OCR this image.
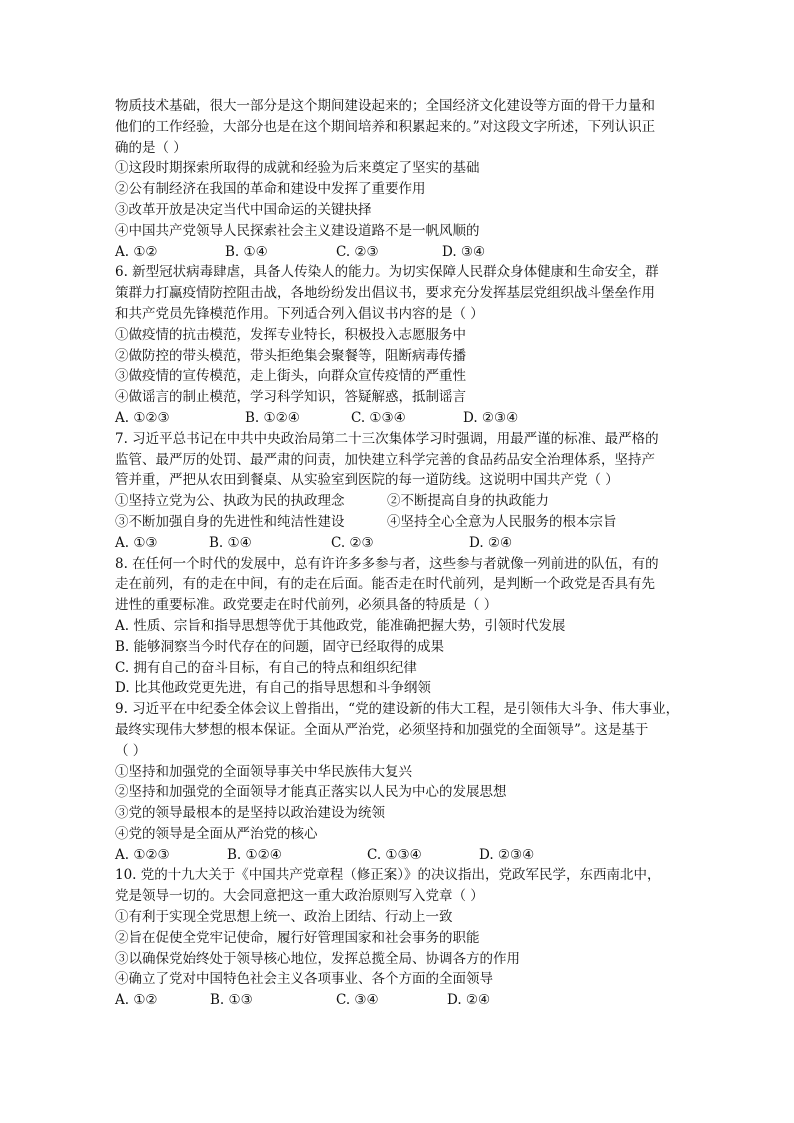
物质技术基础，很大一部分是这个期间建设起来的；全国经济文化建设等方面的骨干力量和
他们的工作经验，大部分也是在这个期间培养和积累起来的。”对这段文字所述，下列认识正
确的是（ ）
①这段时期探索所取得的成就和经验为后来奠定了坚实的基础
②公有制经济在我国的革命和建设中发挥了重要作用
③改革开放是决定当代中国命运的关键抉择
④中国共产党领导人民探索社会主义建设道路不是一帆风顺的
A. ①②	B. ①④	C. ②③	D. ③④
6. 新型冠状病毒肆虐，具备人传染人的能力。为切实保障人民群众身体健康和生命安全，群
策群力打赢疫情防控阻击战，各地纷纷发出倡议书，要求充分发挥基层党组织战斗堡垒作用
和共产党员先锋模范作用。下列适合列入倡议书内容的是（ ）
①做疫情的抗击模范，发挥专业特长，积极投入志愿服务中
②做防控的带头模范，带头拒绝集会聚餐等，阻断病毒传播
③做疫情的宣传模范，走上街头，向群众宣传疫情的严重性
④做谣言的制止模范，学习科学知识，答疑解惑，抵制谣言
A. ①②③	B. ①②④	C. ①③④	D. ②③④
7. 习近平总书记在中共中央政治局第二十三次集体学习时强调，用最严谨的标准、最严格的
监管、最严厉的处罚、最严肃的问责，加快建立科学完善的食品药品安全治理体系，坚持产
管并重，严把从农田到餐桌、从实验室到医院的每一道防线。这说明中国共产党（ ）
①坚持立党为公、执政为民的执政理念	②不断提高自身的执政能力
③不断加强自身的先进性和纯洁性建设	④坚持全心全意为人民服务的根本宗旨
A. ①③	B. ①④	C. ②③	D. ②④
8. 在任何一个时代的发展中，总有许许多多参与者，这些参与者就像一列前进的队伍，有的
走在前列，有的走在中间，有的走在后面。能否走在时代前列，是判断一个政党是否具有先
进性的重要标准。政党要走在时代前列，必须具备的特质是（ ）
A. 性质、宗旨和指导思想等优于其他政党，能准确把握大势，引领时代发展
B. 能够洞察当今时代存在的问题，固守已经取得的成果
C. 拥有自己的奋斗目标，有自己的特点和组织纪律
D. 比其他政党更先进，有自己的指导思想和斗争纲领
9. 习近平在中纪委全体会议上曾指出，“党的建设新的伟大工程，是引领伟大斗争、伟大事业，
最终实现伟大梦想的根本保证。全面从严治党，必须坚持和加强党的全面领导”。这是基于
（ ）
①坚持和加强党的全面领导事关中华民族伟大复兴
②坚持和加强党的全面领导才能真正落实以人民为中心的发展思想
③党的领导最根本的是坚持以政治建设为统领
④党的领导是全面从严治党的核心
A. ①②③	B. ①②④	C. ①③④	D. ②③④
10. 党的十九大关于《中国共产党章程（修正案）》的决议指出，党政军民学，东西南北中，
党是领导一切的。大会同意把这一重大政治原则写入党章（ ）
①有利于实现全党思想上统一、政治上团结、行动上一致
②旨在促使全党牢记使命，履行好管理国家和社会事务的职能
③以确保党始终处于领导核心地位，发挥总揽全局、协调各方的作用
④确立了党对中国特色社会主义各项事业、各个方面的全面领导
A. ①②	B. ①③	C. ③④	D. ②④
